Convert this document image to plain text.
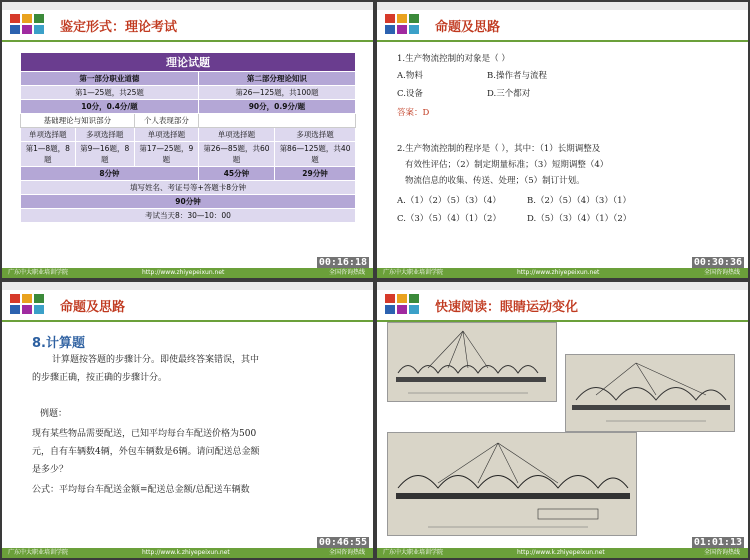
鉴定形式：理论考试
理论试题				
第一部分职业道德			第二部分理论知识	
第1—25题，共25题			第26—125题，共100题	
10分，0.4分/题			90分，0.9分/题	
基础理论与知识部分		个人表现部分		
单项选择题	多项选择题	单项选择题	单项选择题	多项选择题
第1—8题，8题	第9—16题，8题	第17—25题，9题	第26—85题，共60题	第86—125题，共40题
8分钟			45分钟	29分钟
填写姓名、考证号等+答题卡8分钟				
90分钟				
考试当天8：30—10：00				
00:16:18
广东中大职业培训学院	http://www.zhiyepeixun.net	全国咨询热线
命题及思路
1.生产物流控制的对象是（ ）
A.物料	B.操作者与流程
C.设备	D.三个都对
答案：D
2.生产物流控制的程序是（ ），其中：（1）长期调整及
有效性评估；（2）制定期量标准；（3）短期调整（4）
物流信息的收集、传送、处理；（5）制订计划。
A.（1）（2）（5）（3）（4）	B.（2）（5）（4）（3）（1）
C.（3）（5）（4）（1）（2）	D.（5）（3）（4）（1）（2）
00:30:36
广东中大职业培训学院	http://www.zhiyepeixun.net	全国咨询热线
命题及思路
8.计算题
计算题按答题的步骤计分。即使最终答案错误，其中
的步骤正确，按正确的步骤计分。
例题：
现有某些物品需要配送，已知平均每台车配送价格为500
元，自有车辆数4辆，外包车辆数是6辆。请问配送总金额
是多少？
公式：平均每台车配送金额=配送总金额/总配送车辆数
00:46:55
广东中大职业培训学院	http://www.k.zhiyepeixun.net	全国咨询热线
快速阅读：眼睛运动变化
01:01:13
广东中大职业培训学院	http://www.k.zhiyepeixun.net	全国咨询热线
